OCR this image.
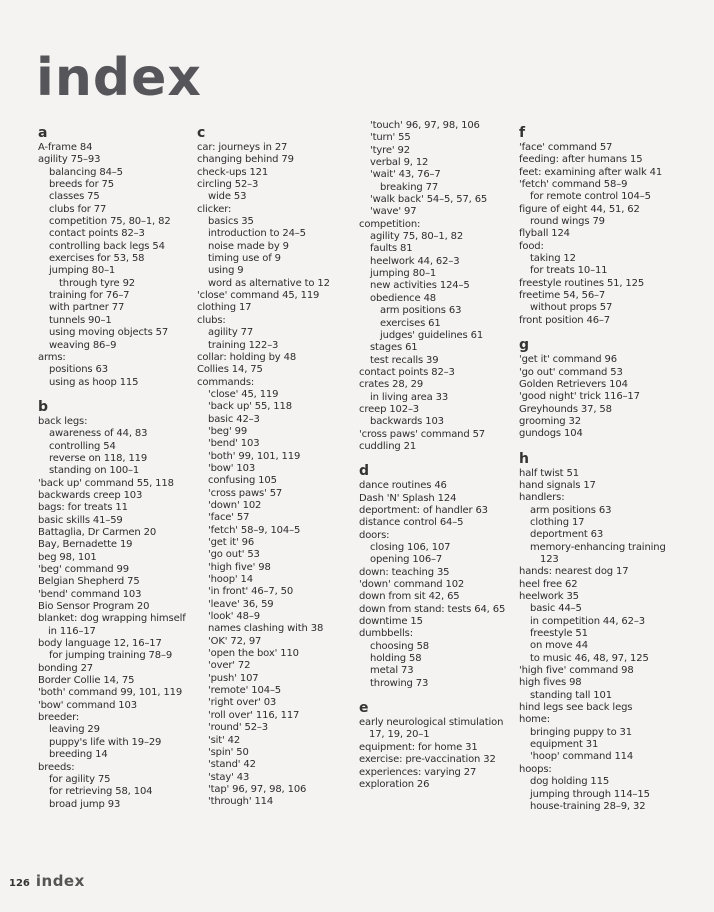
index
a
A-frame 84
agility 75–93
balancing 84–5
breeds for 75
classes 75
clubs for 77
competition 75, 80–1, 82
contact points 82–3
controlling back legs 54
exercises for 53, 58
jumping 80–1
through tyre 92
training for 76–7
with partner 77
tunnels 90–1
using moving objects 57
weaving 86–9
arms:
positions 63
using as hoop 115
b
back legs:
awareness of 44, 83
controlling 54
reverse on 118, 119
standing on 100–1
'back up' command 55, 118
backwards creep 103
bags: for treats 11
basic skills 41–59
Battaglia, Dr Carmen 20
Bay, Bernadette 19
beg 98, 101
'beg' command 99
Belgian Shepherd 75
'bend' command 103
Bio Sensor Program 20
blanket: dog wrapping himself
in 116–17
body language 12, 16–17
for jumping training 78–9
bonding 27
Border Collie 14, 75
'both' command 99, 101, 119
'bow' command 103
breeder:
leaving 29
puppy's life with 19–29
breeding 14
breeds:
for agility 75
for retrieving 58, 104
broad jump 93
c
car: journeys in 27
changing behind 79
check-ups 121
circling 52–3
wide 53
clicker:
basics 35
introduction to 24–5
noise made by 9
timing use of 9
using 9
word as alternative to 12
'close' command 45, 119
clothing 17
clubs:
agility 77
training 122–3
collar: holding by 48
Collies 14, 75
commands:
'close' 45, 119
'back up' 55, 118
basic 42–3
'beg' 99
'bend' 103
'both' 99, 101, 119
'bow' 103
confusing 105
'cross paws' 57
'down' 102
'face' 57
'fetch' 58–9, 104–5
'get it' 96
'go out' 53
'high five' 98
'hoop' 14
'in front' 46–7, 50
'leave' 36, 59
'look' 48–9
names clashing with 38
'OK' 72, 97
'open the box' 110
'over' 72
'push' 107
'remote' 104–5
'right over' 03
'roll over' 116, 117
'round' 52–3
'sit' 42
'spin' 50
'stand' 42
'stay' 43
'tap' 96, 97, 98, 106
'through' 114
'touch' 96, 97, 98, 106
'turn' 55
'tyre' 92
verbal 9, 12
'wait' 43, 76–7
breaking 77
'walk back' 54–5, 57, 65
'wave' 97
competition:
agility 75, 80–1, 82
faults 81
heelwork 44, 62–3
jumping 80–1
new activities 124–5
obedience 48
arm positions 63
exercises 61
judges' guidelines 61
stages 61
test recalls 39
contact points 82–3
crates 28, 29
in living area 33
creep 102–3
backwards 103
'cross paws' command 57
cuddling 21
d
dance routines 46
Dash 'N' Splash 124
deportment: of handler 63
distance control 64–5
doors:
closing 106, 107
opening 106–7
down: teaching 35
'down' command 102
down from sit 42, 65
down from stand: tests 64, 65
downtime 15
dumbbells:
choosing 58
holding 58
metal 73
throwing 73
e
early neurological stimulation
17, 19, 20–1
equipment: for home 31
exercise: pre-vaccination 32
experiences: varying 27
exploration 26
f
'face' command 57
feeding: after humans 15
feet: examining after walk 41
'fetch' command 58–9
for remote control 104–5
figure of eight 44, 51, 62
round wings 79
flyball 124
food:
taking 12
for treats 10–11
freestyle routines 51, 125
freetime 54, 56–7
without props 57
front position 46–7
g
'get it' command 96
'go out' command 53
Golden Retrievers 104
'good night' trick 116–17
Greyhounds 37, 58
grooming 32
gundogs 104
h
half twist 51
hand signals 17
handlers:
arm positions 63
clothing 17
deportment 63
memory-enhancing training
123
hands: nearest dog 17
heel free 62
heelwork 35
basic 44–5
in competition 44, 62–3
freestyle 51
on move 44
to music 46, 48, 97, 125
'high five' command 98
high fives 98
standing tall 101
hind legs see back legs
home:
bringing puppy to 31
equipment 31
'hoop' command 114
hoops:
dog holding 115
jumping through 114–15
house-training 28–9, 32
126 index
